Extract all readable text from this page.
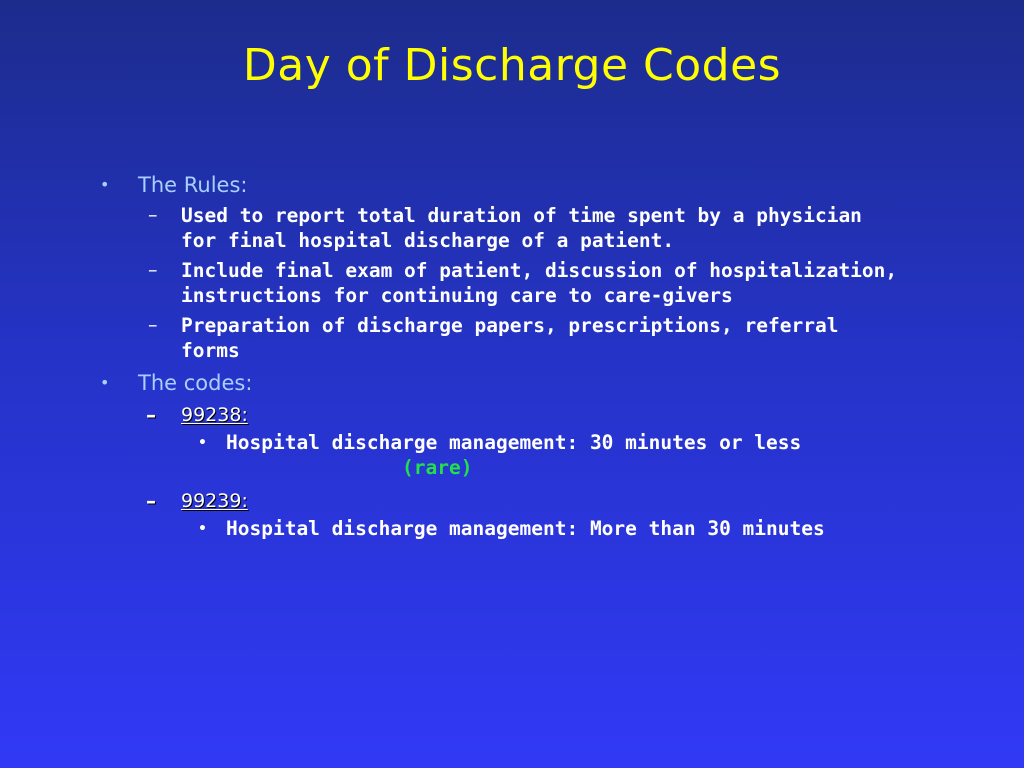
Day of Discharge Codes
• The Rules:
– Used to report total duration of time spent by a physician
for final hospital discharge of a patient.
– Include final exam of patient, discussion of hospitalization,
instructions for continuing care to care-givers
– Preparation of discharge papers, prescriptions, referral
forms
• The codes:
– 99238:
• Hospital discharge management: 30 minutes or less
(rare)
– 99239:
• Hospital discharge management: More than 30 minutes
